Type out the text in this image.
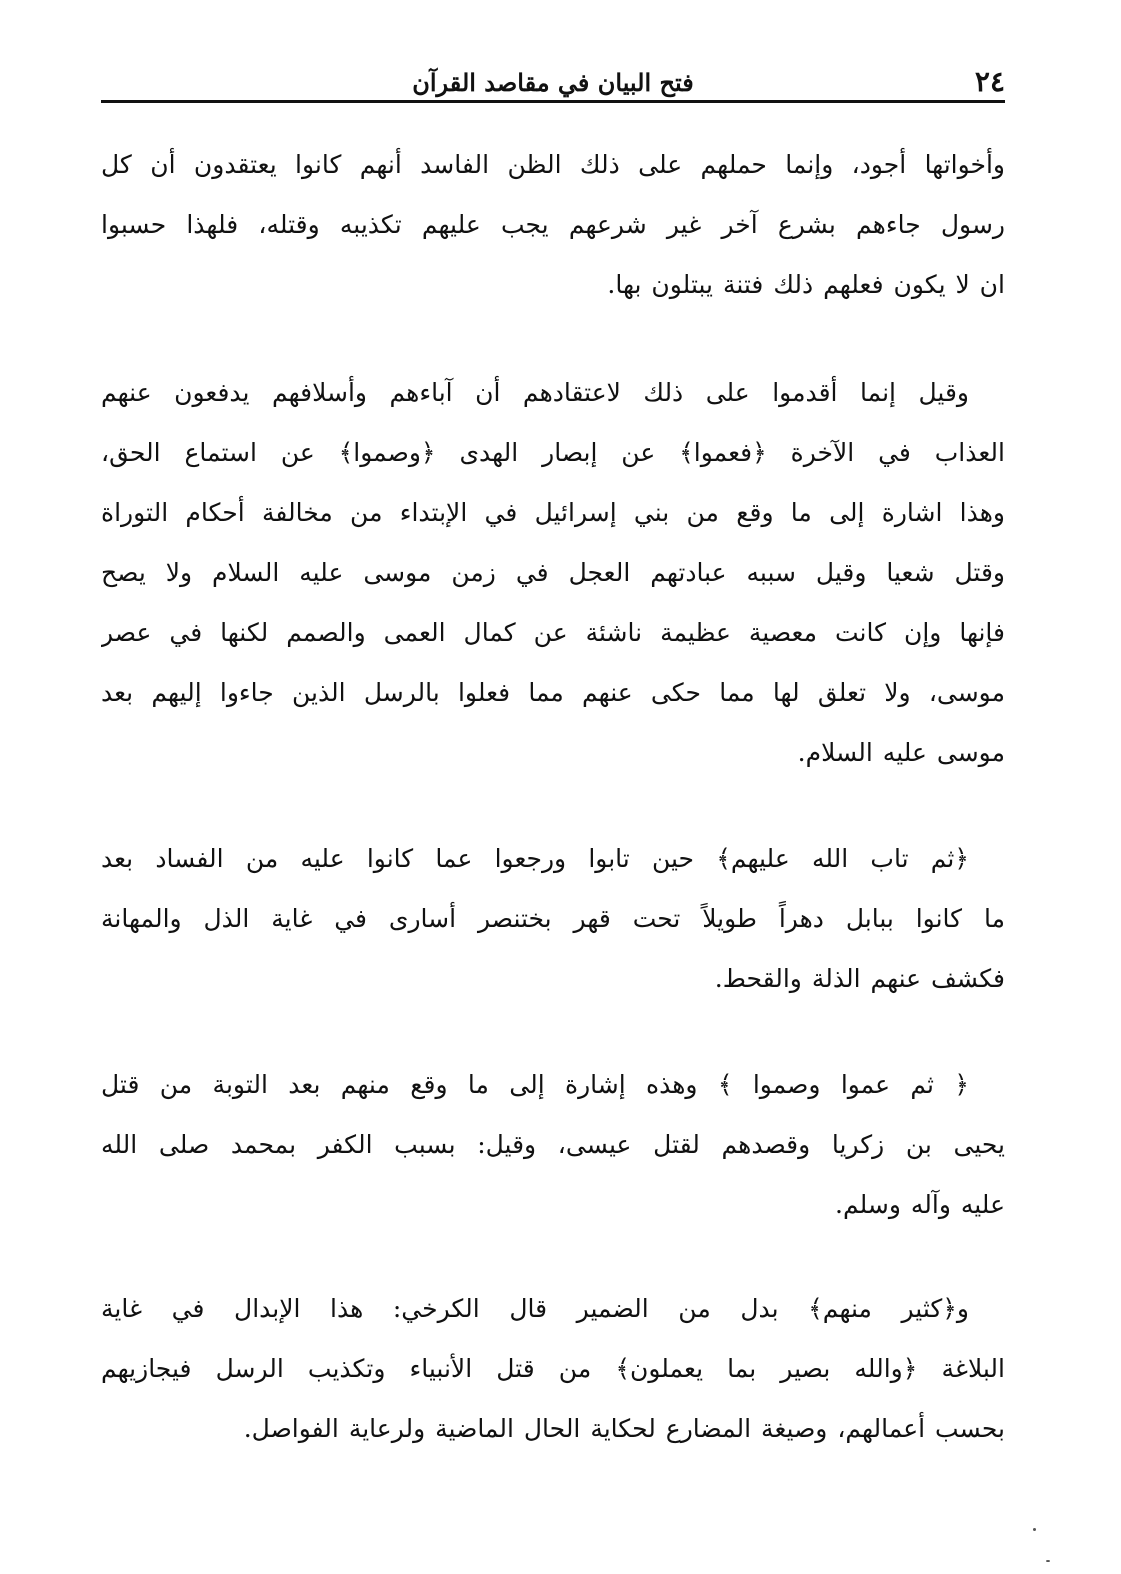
٢٤
فتح البيان في مقاصد القرآن

وأخواتها أجود، وإنما حملهم على ذلك الظن الفاسد أنهم كانوا يعتقدون أن كل
رسول جاءهم بشرع آخر غير شرعهم يجب عليهم تكذيبه وقتله، فلهذا حسبوا
ان لا يكون فعلهم ذلك فتنة يبتلون بها.

وقيل إنما أقدموا على ذلك لاعتقادهم أن آباءهم وأسلافهم يدفعون عنهم
العذاب في الآخرة ﴿فعموا﴾ عن إبصار الهدى ﴿وصموا﴾ عن استماع الحق،
وهذا اشارة إلى ما وقع من بني إسرائيل في الإبتداء من مخالفة أحكام التوراة
وقتل شعيا وقيل سببه عبادتهم العجل في زمن موسى عليه السلام ولا يصح
فإنها وإن كانت معصية عظيمة ناشئة عن كمال العمى والصمم لكنها في عصر
موسى، ولا تعلق لها مما حكى عنهم مما فعلوا بالرسل الذين جاءوا إليهم بعد
موسى عليه السلام.

﴿ثم تاب الله عليهم﴾ حين تابوا ورجعوا عما كانوا عليه من الفساد بعد
ما كانوا ببابل دهراً طويلاً تحت قهر بختنصر أسارى في غاية الذل والمهانة
فكشف عنهم الذلة والقحط.

﴿ ثم عموا وصموا ﴾ وهذه إشارة إلى ما وقع منهم بعد التوبة من قتل
يحيى بن زكريا وقصدهم لقتل عيسى، وقيل: بسبب الكفر بمحمد صلى الله
عليه وآله وسلم.

و﴿كثير منهم﴾ بدل من الضمير قال الكرخي: هذا الإبدال في غاية
البلاغة ﴿والله بصير بما يعملون﴾ من قتل الأنبياء وتكذيب الرسل فيجازيهم
بحسب أعمالهم، وصيغة المضارع لحكاية الحال الماضية ولرعاية الفواصل.
